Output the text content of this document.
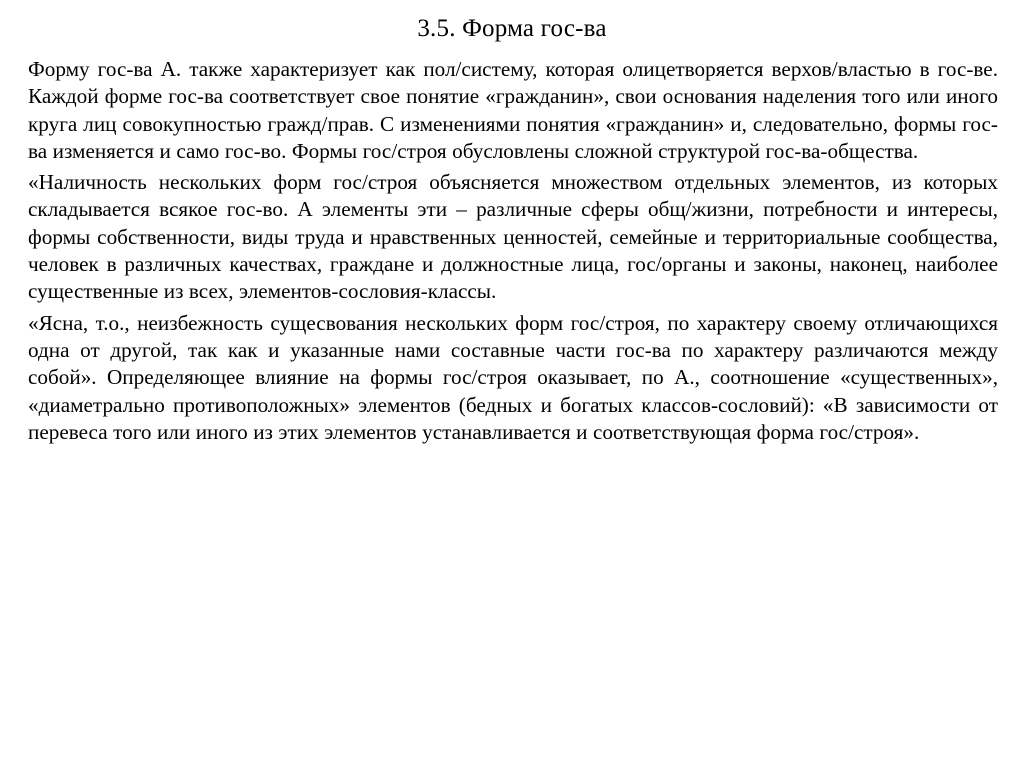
3.5. Форма гос-ва

Форму гос-ва А. также характеризует как пол/систему, которая олицетворяется верхов/властью в гос-ве. Каждой форме гос-ва соответствует свое понятие «гражданин», свои основания наделения того или иного круга лиц совокупностью гражд/прав. С изменениями понятия «гражданин» и, следовательно, формы гос-ва изменяется и само гос-во. Формы гос/строя обусловлены сложной структурой гос-ва-общества.

«Наличность нескольких форм гос/строя объясняется множеством отдельных элементов, из которых складывается всякое гос-во. А элементы эти – различные сферы общ/жизни, потребности и интересы, формы собственности, виды труда и нравственных ценностей, семейные и территориальные сообщества, человек в различных качествах, граждане и должностные лица, гос/органы и законы, наконец, наиболее существенные из всех, элементов-сословия-классы.

«Ясна, т.о., неизбежность сущесвования нескольких форм гос/строя, по характеру своему отличающихся одна от другой, так как и указанные нами составные части гос-ва по характеру различаются между собой». Определяющее влияние на формы гос/строя оказывает, по А., соотношение «существенных», «диаметрально противоположных» элементов (бедных и богатых классов-сословий): «В зависимости от перевеса того или иного из этих элементов устанавливается и соответствующая форма гос/строя».
